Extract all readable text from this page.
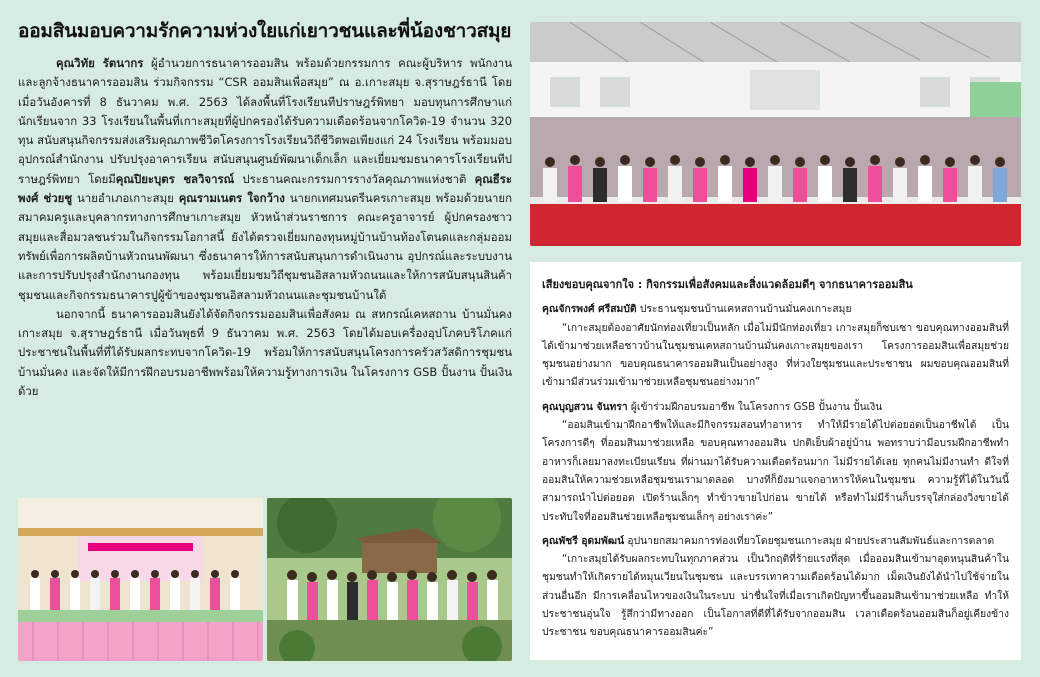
ออมสินมอบความรักความห่วงใยแก่เยาวชนและพี่น้องชาวสมุย

คุณวิทัย รัตนากร ผู้อำนวยการธนาคารออมสิน พร้อมด้วยกรรมการ คณะผู้บริหาร พนักงานและลูกจ้างธนาคารออมสิน ร่วมกิจกรรม “CSR ออมสินเพื่อสมุย” ณ อ.เกาะสมุย จ.สุราษฎร์ธานี โดยเมื่อวันอังคารที่ 8 ธันวาคม พ.ศ. 2563 ได้ลงพื้นที่โรงเรียนทีปราษฎร์พิทยา มอบทุนการศึกษาแก่นักเรียนจาก 33 โรงเรียนในพื้นที่เกาะสมุยที่ผู้ปกครองได้รับความเดือดร้อนจากโควิด-19 จำนวน 320 ทุน สนับสนุนกิจกรรมส่งเสริมคุณภาพชีวิตโครงการโรงเรียนวิถีชีวิตพอเพียงแก่ 24 โรงเรียน พร้อมมอบอุปกรณ์สำนักงาน ปรับปรุงอาคารเรียน สนับสนุนศูนย์พัฒนาเด็กเล็ก และเยี่ยมชมธนาคารโรงเรียนทีปราษฎร์พิทยา โดยมีคุณปิยะบุตร ชลวิจารณ์ ประธานคณะกรรมการรางวัลคุณภาพแห่งชาติ คุณธีระพงศ์ ช่วยชู นายอำเภอเกาะสมุย คุณรามเนตร ใจกว้าง นายกเทศมนตรีนครเกาะสมุย พร้อมด้วยนายกสมาคมครูและบุคลากรทางการศึกษาเกาะสมุย หัวหน้าส่วนราชการ คณะครูอาจารย์ ผู้ปกครองชาวสมุยและสื่อมวลชนร่วมในกิจกรรมโอกาสนี้ ยังได้ตรวจเยี่ยมกองทุนหมู่บ้านบ้านท้องโตนดและกลุ่มออมทรัพย์เพื่อการผลิตบ้านหัวถนนพัฒนา ซึ่งธนาคารให้การสนับสนุนการดำเนินงาน อุปกรณ์และระบบงาน และการปรับปรุงสำนักงานกองทุน พร้อมเยี่ยมชมวิถีชุมชนอิสลามหัวถนนและให้การสนับสนุนสินค้าชุมชนและกิจกรรมธนาคารปูผู้ข้าของชุมชนอิสลามหัวถนนและชุมชนบ้านใต้

นอกจากนี้ ธนาคารออมสินยังได้จัดกิจกรรมออมสินเพื่อสังคม ณ สหกรณ์เคหสถาน บ้านมั่นคงเกาะสมุย จ.สุราษฎร์ธานี เมื่อวันพุธที่ 9 ธันวาคม พ.ศ. 2563 โดยได้มอบเครื่องอุปโภคบริโภคแก่ประชาชนในพื้นที่ที่ได้รับผลกระทบจากโควิด-19 พร้อมให้การสนับสนุนโครงการครัวสวัสดิการชุมชนบ้านมั่นคง และจัดให้มีการฝึกอบรมอาชีพพร้อมให้ความรู้ทางการเงิน ในโครงการ GSB ปั้นงาน ปั้นเงินด้วย

เสียงขอบคุณจากใจ : กิจกรรมเพื่อสังคมและสิ่งแวดล้อมดีๆ จากธนาคารออมสิน
คุณจักรพงศ์ ศรีสมบัติ ประธานชุมชนบ้านเคหสถานบ้านมั่นคงเกาะสมุย
“เกาะสมุยต้องอาศัยนักท่องเที่ยวเป็นหลัก เมื่อไม่มีนักท่องเที่ยว เกาะสมุยก็ซบเซา ขอบคุณทางออมสินที่ได้เข้ามาช่วยเหลือชาวบ้านในชุมชนเคหสถานบ้านมั่นคงเกาะสมุยของเรา โครงการออมสินเพื่อสมุยช่วยชุมชนอย่างมาก ขอบคุณธนาคารออมสินเป็นอย่างสูง ที่ห่วงใยชุมชนและประชาชน ผมขอบคุณออมสินที่เข้ามามีส่วนร่วมเข้ามาช่วยเหลือชุมชนอย่างมาก”
คุณบุญสวน จันทรา ผู้เข้าร่วมฝึกอบรมอาชีพ ในโครงการ GSB ปั้นงาน ปั้นเงิน
“ออมสินเข้ามาฝึกอาชีพให้และมีกิจกรรมสอนทำอาหาร ทำให้มีรายได้ไปต่อยอดเป็นอาชีพได้ เป็นโครงการดีๆ ที่ออมสินมาช่วยเหลือ ขอบคุณทางออมสิน ปกติเย็บผ้าอยู่บ้าน พอทราบว่ามีอบรมฝึกอาชีพทำอาหารก็เลยมาลงทะเบียนเรียน ที่ผ่านมาได้รับความเดือดร้อนมาก ไม่มีรายได้เลย ทุกคนไม่มีงานทำ ดีใจที่ออมสินให้ความช่วยเหลือชุมชนเรามาตลอด บางทีก็ยังมาแจกอาหารให้คนในชุมชน ความรู้ที่ได้ในวันนี้สามารถนำไปต่อยอด เปิดร้านเล็กๆ ทำข้าวขายไปก่อน ขายได้ หรือทำไม่มีร้านก็บรรจุใส่กล่องวิ่งขายได้ ประทับใจที่ออมสินช่วยเหลือชุมชนเล็กๆ อย่างเราค่ะ”
คุณพัชรี อุดมพัฒน์ อุปนายกสมาคมการท่องเที่ยวโดยชุมชนเกาะสมุย ฝ่ายประสานสัมพันธ์และการตลาด
“เกาะสมุยได้รับผลกระทบในทุกภาคส่วน เป็นวิกฤติที่ร้ายแรงที่สุด เมื่อออมสินเข้ามาอุดหนุนสินค้าในชุมชนทำให้เกิดรายได้หมุนเวียนในชุมชน และบรรเทาความเดือดร้อนได้มาก เม็ดเงินยังได้นำไปใช้จ่ายในส่วนอื่นอีก มีการเคลื่อนไหวของเงินในระบบ น่าชื่นใจที่เมื่อเราเกิดปัญหาขึ้นออมสินเข้ามาช่วยเหลือ ทำให้ประชาชนอุ่นใจ รู้สึกว่ามีทางออก เป็นโอกาสที่ดีที่ได้รับจากออมสิน เวลาเดือดร้อนออมสินก็อยู่เคียงข้างประชาชน ขอบคุณธนาคารออมสินค่ะ”
